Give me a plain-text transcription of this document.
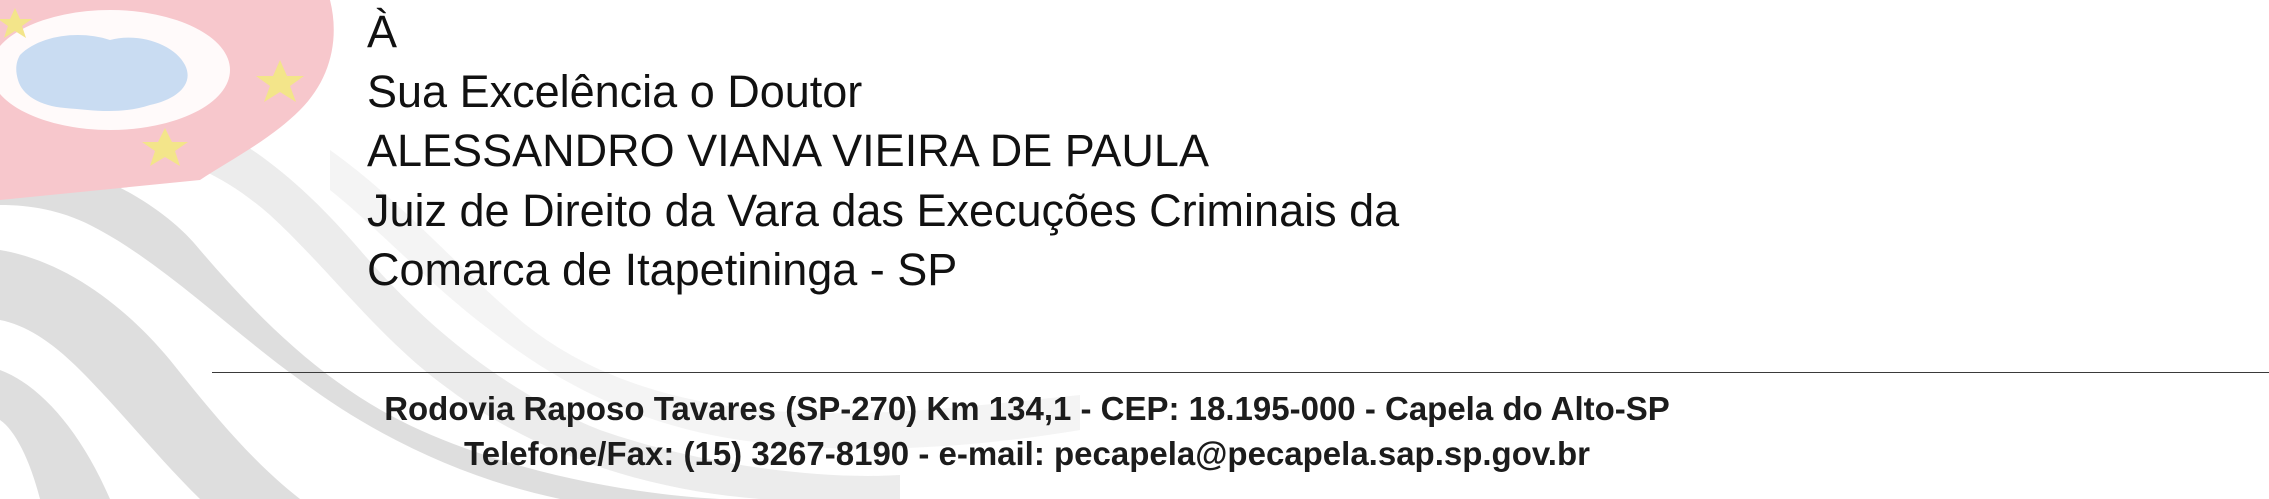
À
Sua Excelência o Doutor
ALESSANDRO VIANA VIEIRA DE PAULA
Juiz de Direito da Vara das Execuções Criminais da
Comarca de Itapetininga - SP
Rodovia Raposo Tavares (SP-270) Km 134,1 - CEP: 18.195-000 - Capela do Alto-SP
Telefone/Fax: (15) 3267-8190 - e-mail: pecapela@pecapela.sap.sp.gov.br
